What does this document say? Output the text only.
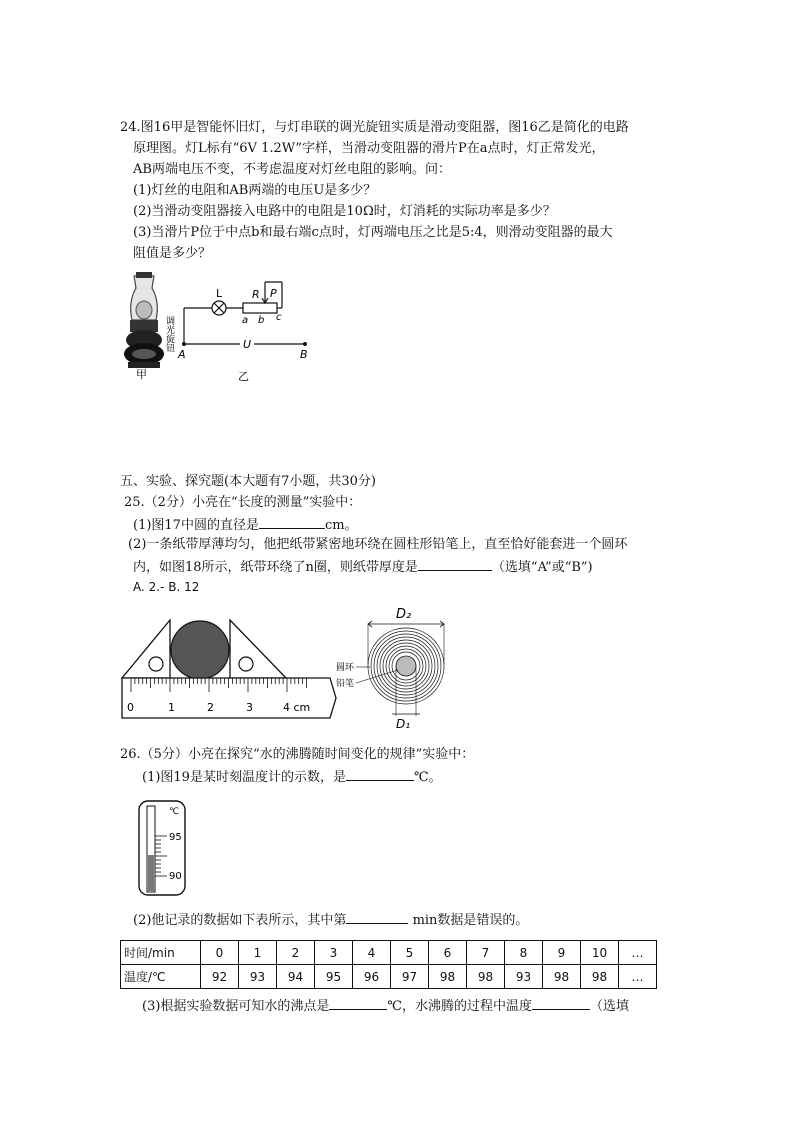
24.图16甲是智能怀旧灯，与灯串联的调光旋钮实质是滑动变阻器，图16乙是简化的电路
原理图。灯L标有“6V 1.2W”字样，当滑动变阻器的滑片P在a点时，灯正常发光，
AB两端电压不变，不考虑温度对灯丝电阻的影响。问：
(1)灯丝的电阻和AB两端的电压U是多少？
(2)当滑动变阻器接入电路中的电阻是10Ω时，灯消耗的实际功率是多少？
(3)当滑片P位于中点b和最右端c点时，灯两端电压之比是5:4，则滑动变阻器的最大
阻值是多少？
调光旋钮
甲
L	R P
a b c
A
U
B
乙
五、实验、探究题(本大题有7小题，共30分)
25.（2分）小亮在“长度的测量”实验中：
(1)图17中圆的直径是	cm。
(2)一条纸带厚薄均匀，他把纸带紧密地环绕在圆柱形铅笔上，直至恰好能套进一个圆环
内，如图18所示，纸带环绕了n圈，则纸带厚度是	（选填“A”或“B”)
A. 2.- B. 12
0	1	2	3	4 cm
D₂
D₁
圆环
铅笔
26.（5分）小亮在探究“水的沸腾随时间变化的规律”实验中：
(1)图19是某时刻温度计的示数，是	℃。
℃
95
90
(2)他记录的数据如下表所示，其中第	min数据是错误的。
时间/min	0	1	2	3	4	5	6	7	8	9	10	…
温度/℃	92	93	94	95	96	97	98	98	93	98	98	…
(3)根据实验数据可知水的沸点是	℃，水沸腾的过程中温度	（选填
